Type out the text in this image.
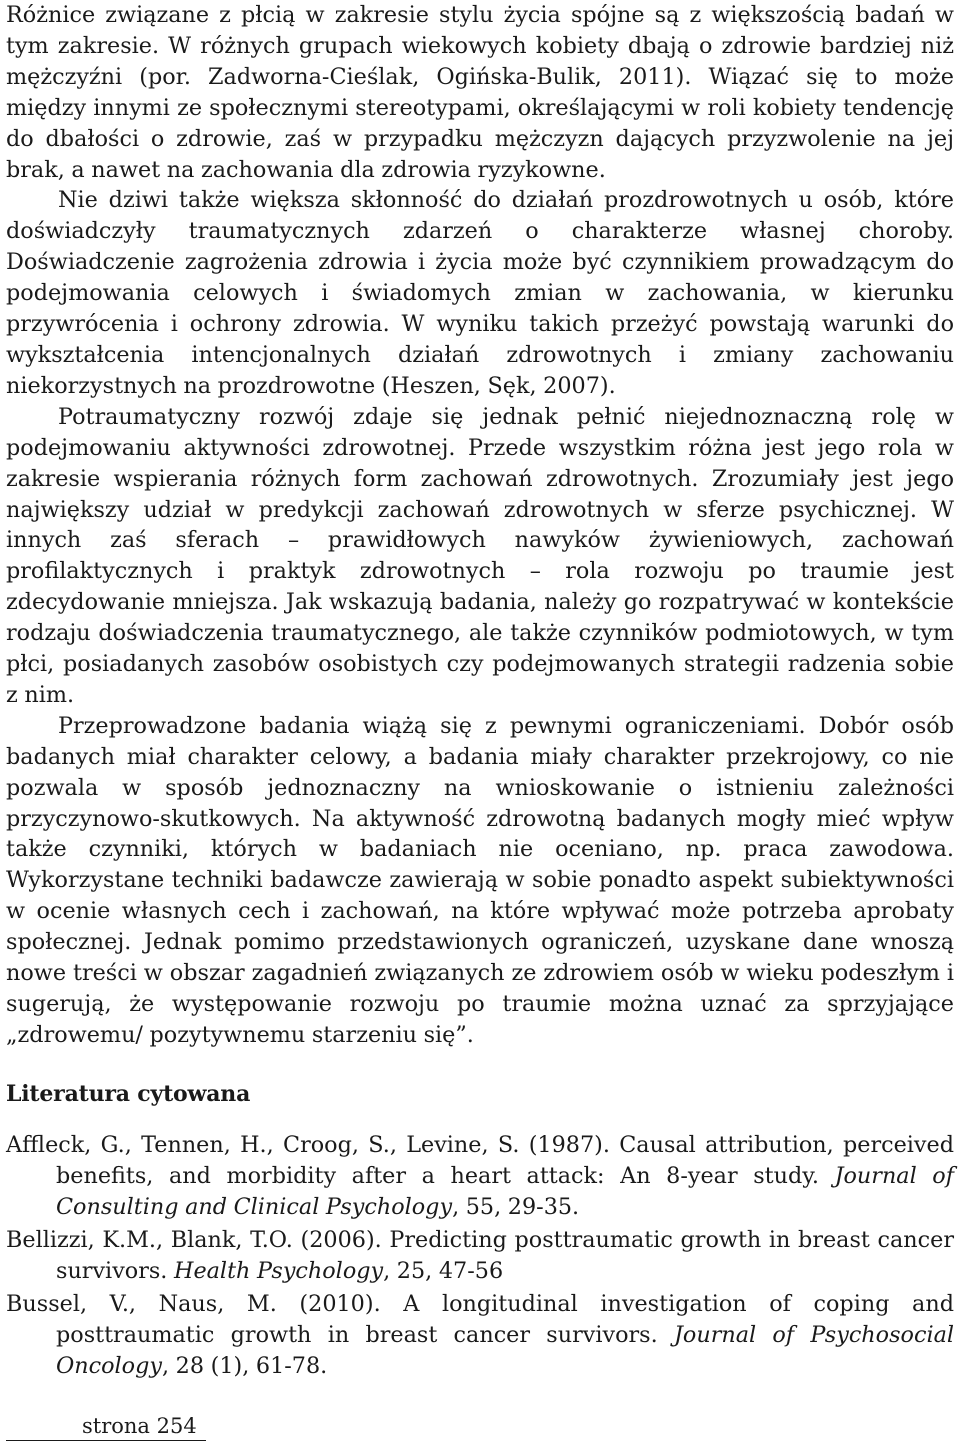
Różnice związane z płcią w zakresie stylu życia spójne są z większością badań w tym zakresie. W różnych grupach wiekowych kobiety dbają o zdrowie bardziej niż mężczyźni (por. Zadworna-Cieślak, Ogińska-Bulik, 2011). Wiązać się to może między innymi ze społecznymi stereotypami, określającymi w roli kobiety tendencję do dbałości o zdrowie, zaś w przypadku mężczyzn dających przyzwolenie na jej brak, a nawet na zachowania dla zdrowia ryzykowne.

Nie dziwi także większa skłonność do działań prozdrowotnych u osób, które doświadczyły traumatycznych zdarzeń o charakterze własnej choroby. Doświadczenie zagrożenia zdrowia i życia może być czynnikiem prowadzącym do podejmowania celowych i świadomych zmian w zachowania, w kierunku przywrócenia i ochrony zdrowia. W wyniku takich przeżyć powstają warunki do wykształcenia intencjonalnych działań zdrowotnych i zmiany zachowaniu niekorzystnych na prozdrowotne (Heszen, Sęk, 2007).

Potraumatyczny rozwój zdaje się jednak pełnić niejednoznaczną rolę w podejmowaniu aktywności zdrowotnej. Przede wszystkim różna jest jego rola w zakresie wspierania różnych form zachowań zdrowotnych. Zrozumiały jest jego największy udział w predykcji zachowań zdrowotnych w sferze psychicznej. W innych zaś sferach – prawidłowych nawyków żywieniowych, zachowań profilaktycznych i praktyk zdrowotnych – rola rozwoju po traumie jest zdecydowanie mniejsza. Jak wskazują badania, należy go rozpatrywać w kontekście rodzaju doświadczenia traumatycznego, ale także czynników podmiotowych, w tym płci, posiadanych zasobów osobistych czy podejmowanych strategii radzenia sobie z nim.

Przeprowadzone badania wiążą się z pewnymi ograniczeniami. Dobór osób badanych miał charakter celowy, a badania miały charakter przekrojowy, co nie pozwala w sposób jednoznaczny na wnioskowanie o istnieniu zależności przyczynowo-skutkowych. Na aktywność zdrowotną badanych mogły mieć wpływ także czynniki, których w badaniach nie oceniano, np. praca zawodowa. Wykorzystane techniki badawcze zawierają w sobie ponadto aspekt subiektywności w ocenie własnych cech i zachowań, na które wpływać może potrzeba aprobaty społecznej. Jednak pomimo przedstawionych ograniczeń, uzyskane dane wnoszą nowe treści w obszar zagadnień związanych ze zdrowiem osób w wieku podeszłym i sugerują, że występowanie rozwoju po traumie można uznać za sprzyjające „zdrowemu/ pozytywnemu starzeniu się”.

Literatura cytowana

Affleck, G., Tennen, H., Croog, S., Levine, S. (1987). Causal attribution, perceived benefits, and morbidity after a heart attack: An 8-year study. Journal of Consulting and Clinical Psychology, 55, 29-35.

Bellizzi, K.M., Blank, T.O. (2006). Predicting posttraumatic growth in breast cancer survivors. Health Psychology, 25, 47-56

Bussel, V., Naus, M. (2010). A longitudinal investigation of coping and posttraumatic growth in breast cancer survivors. Journal of Psychosocial Oncology, 28 (1), 61-78.

strona 254
